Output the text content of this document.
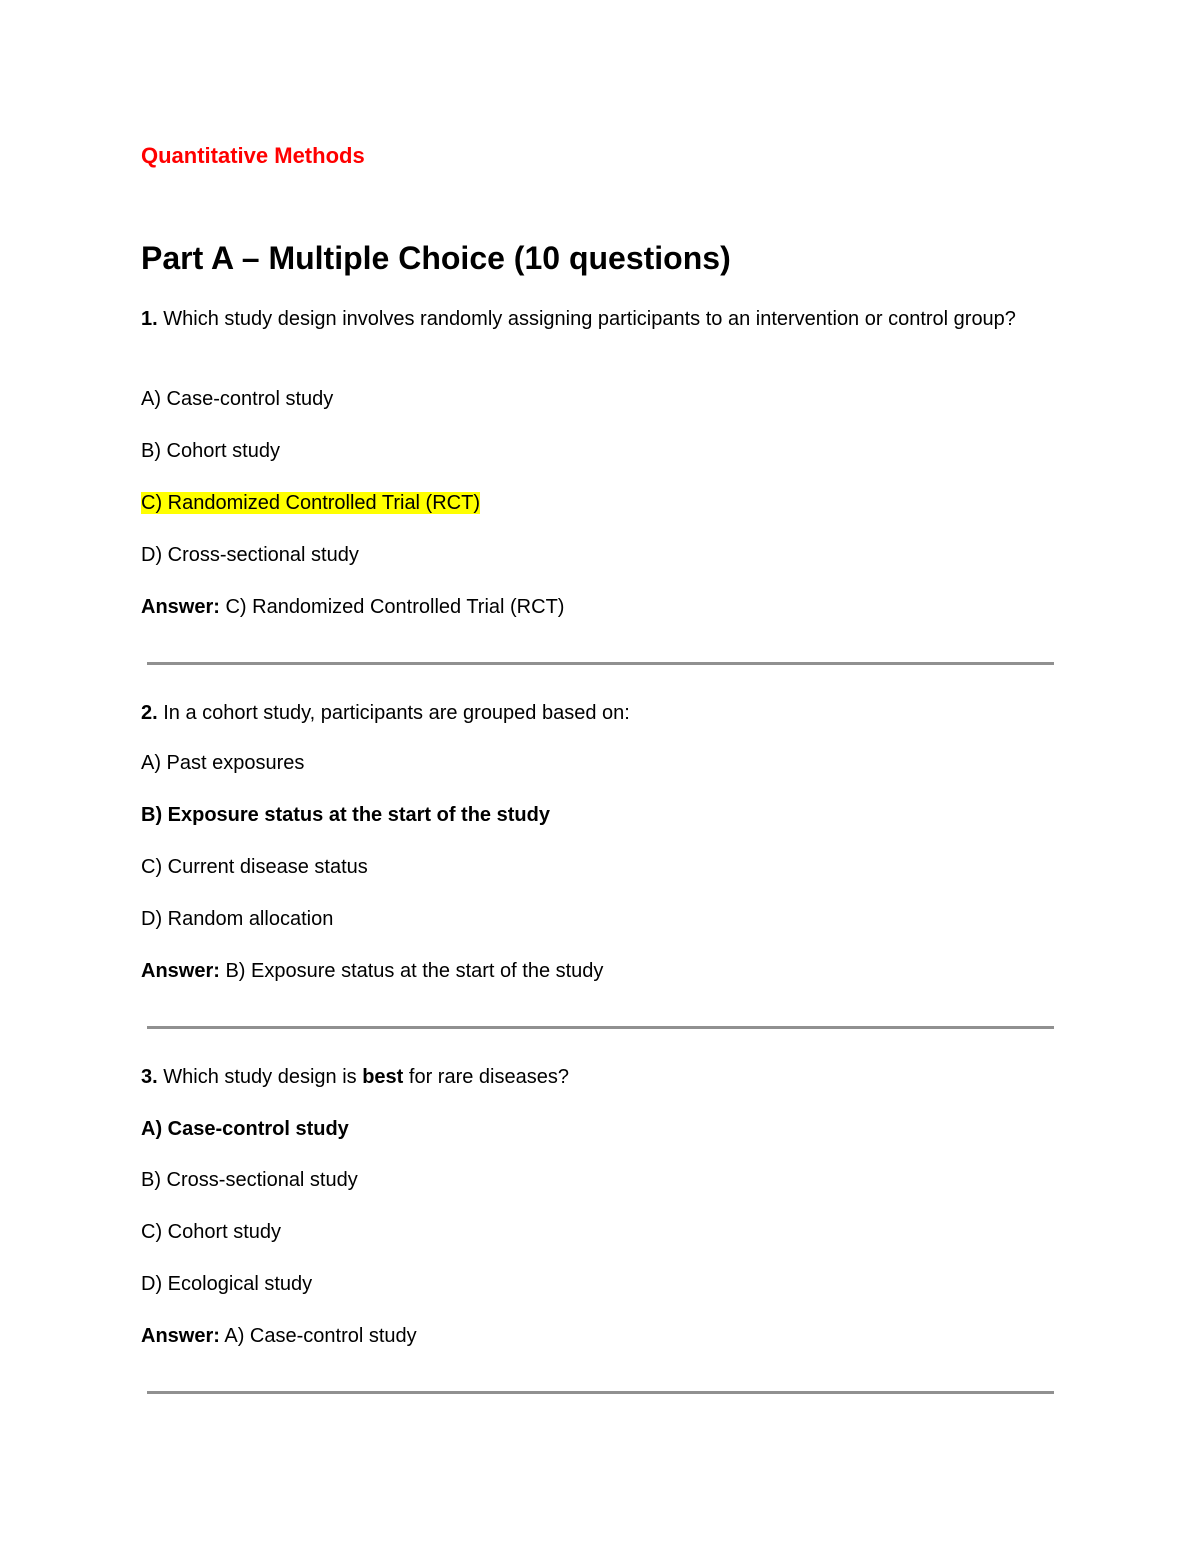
Quantitative Methods
Part A – Multiple Choice (10 questions)

1. Which study design involves randomly assigning participants to an intervention or control group?

A) Case-control study

B) Cohort study

C) Randomized Controlled Trial (RCT)

D) Cross-sectional study

Answer: C) Randomized Controlled Trial (RCT)

2. In a cohort study, participants are grouped based on:

A) Past exposures

B) Exposure status at the start of the study

C) Current disease status

D) Random allocation

Answer: B) Exposure status at the start of the study

3. Which study design is best for rare diseases?

A) Case-control study

B) Cross-sectional study

C) Cohort study

D) Ecological study

Answer: A) Case-control study
